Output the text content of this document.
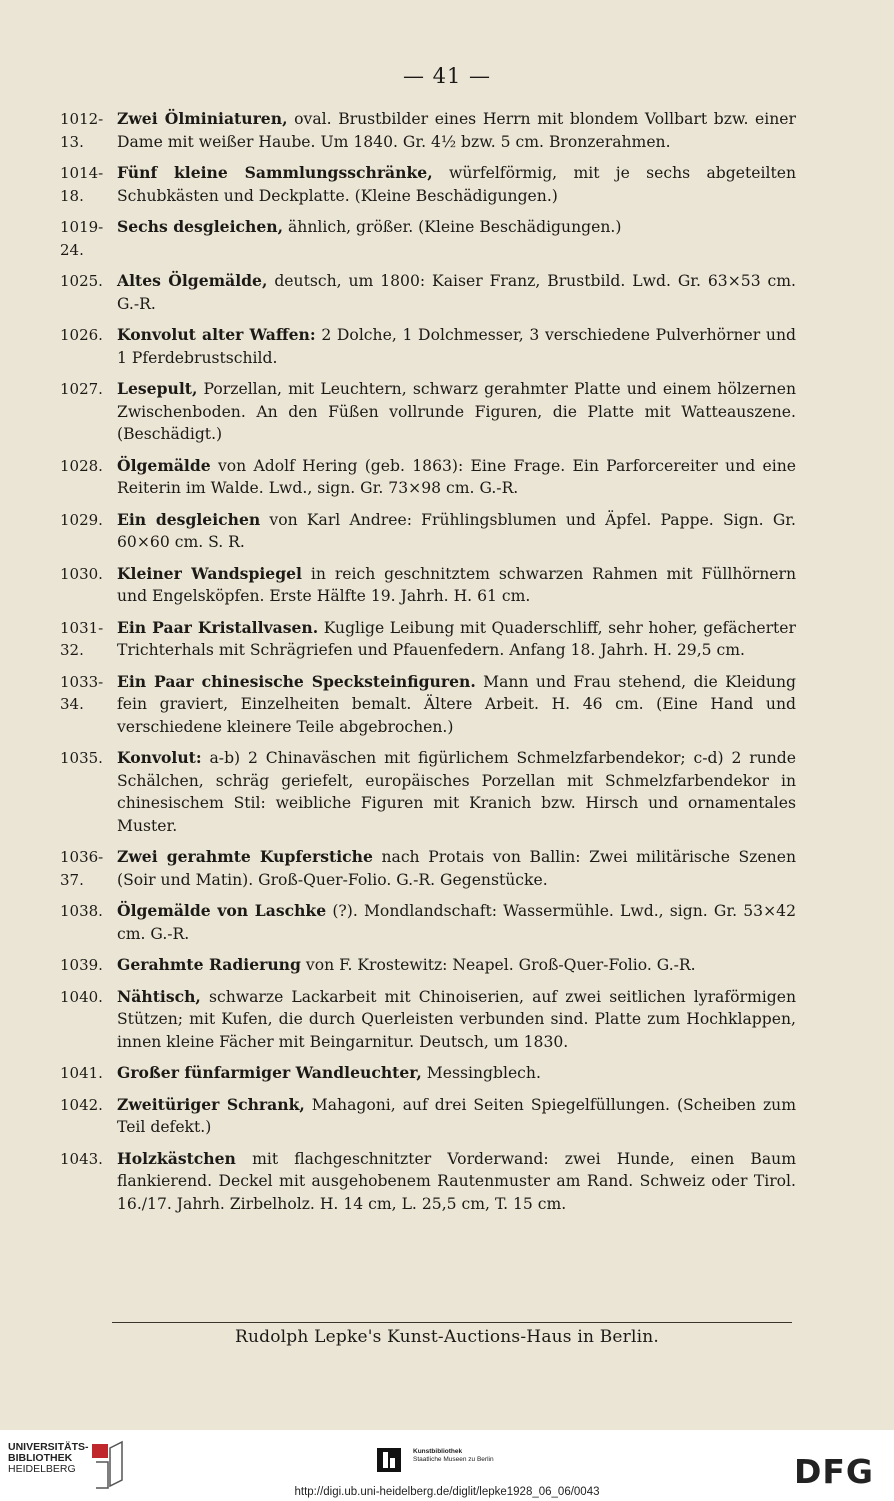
— 41 —
1012-13.
Zwei Ölminiaturen, oval. Brustbilder eines Herrn mit blondem Vollbart bzw. einer Dame mit weißer Haube. Um 1840. Gr. 4½ bzw. 5 cm. Bronzerahmen.
1014-18.
Fünf kleine Sammlungsschränke, würfelförmig, mit je sechs abgeteilten Schubkästen und Deckplatte. (Kleine Beschädigungen.)
1019-24.
Sechs desgleichen, ähnlich, größer. (Kleine Beschädigungen.)
1025. Altes Ölgemälde, deutsch, um 1800: Kaiser Franz, Brustbild. Lwd. Gr. 63×53 cm. G.-R.
1026. Konvolut alter Waffen: 2 Dolche, 1 Dolchmesser, 3 verschiedene Pulverhörner und 1 Pferdebrustschild.
1027. Lesepult, Porzellan, mit Leuchtern, schwarz gerahmter Platte und einem hölzernen Zwischenboden. An den Füßen vollrunde Figuren, die Platte mit Watteauszene. (Beschädigt.)
1028. Ölgemälde von Adolf Hering (geb. 1863): Eine Frage. Ein Parforcereiter und eine Reiterin im Walde. Lwd., sign. Gr. 73×98 cm. G.-R.
1029. Ein desgleichen von Karl Andree: Frühlingsblumen und Äpfel. Pappe. Sign. Gr. 60×60 cm. S. R.
1030. Kleiner Wandspiegel in reich geschnitztem schwarzen Rahmen mit Füllhörnern und Engelsköpfen. Erste Hälfte 19. Jahrh. H. 61 cm.
1031-32.
Ein Paar Kristallvasen. Kuglige Leibung mit Quaderschliff, sehr hoher, gefächerter Trichterhals mit Schrägriefen und Pfauenfedern. Anfang 18. Jahrh. H. 29,5 cm.
1033-34.
Ein Paar chinesische Specksteinfiguren. Mann und Frau stehend, die Kleidung fein graviert, Einzelheiten bemalt. Ältere Arbeit. H. 46 cm. (Eine Hand und verschiedene kleinere Teile abgebrochen.)
1035. Konvolut: a-b) 2 Chinaväschen mit figürlichem Schmelzfarbendekor; c-d) 2 runde Schälchen, schräg geriefelt, europäisches Porzellan mit Schmelzfarbendekor in chinesischem Stil: weibliche Figuren mit Kranich bzw. Hirsch und ornamentales Muster.
1036-37.
Zwei gerahmte Kupferstiche nach Protais von Ballin: Zwei militärische Szenen (Soir und Matin). Groß-Quer-Folio. G.-R. Gegenstücke.
1038. Ölgemälde von Laschke (?). Mondlandschaft: Wassermühle. Lwd., sign. Gr. 53×42 cm. G.-R.
1039. Gerahmte Radierung von F. Krostewitz: Neapel. Groß-Quer-Folio. G.-R.
1040. Nähtisch, schwarze Lackarbeit mit Chinoiserien, auf zwei seitlichen lyraförmigen Stützen; mit Kufen, die durch Querleisten verbunden sind. Platte zum Hochklappen, innen kleine Fächer mit Beingarnitur. Deutsch, um 1830.
1041. Großer fünfarmiger Wandleuchter, Messingblech.
1042. Zweitüriger Schrank, Mahagoni, auf drei Seiten Spiegelfüllungen. (Scheiben zum Teil defekt.)
1043. Holzkästchen mit flachgeschnitzter Vorderwand: zwei Hunde, einen Baum flankierend. Deckel mit ausgehobenem Rautenmuster am Rand. Schweiz oder Tirol. 16./17. Jahrh. Zirbelholz. H. 14 cm, L. 25,5 cm, T. 15 cm.
Rudolph Lepke's Kunst-Auctions-Haus in Berlin.
UNIVERSITÄTS-
BIBLIOTHEK
HEIDELBERG
Kunstbibliothek
Staatliche Museen zu Berlin	DFG
http://digi.ub.uni-heidelberg.de/diglit/lepke1928_06_06/0043
